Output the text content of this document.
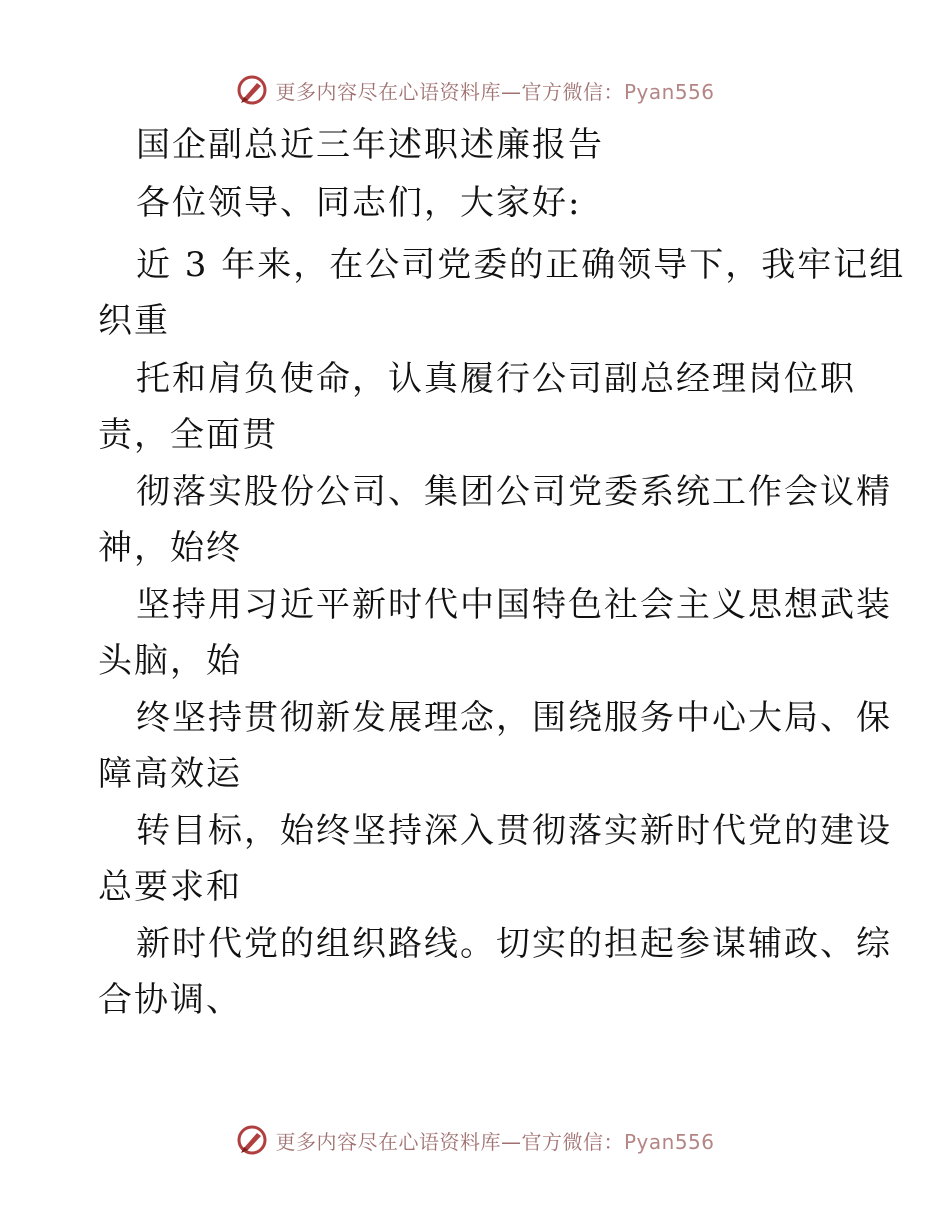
更多内容尽在心语资料库—官方微信：Pyan556
国企副总近三年述职述廉报告
各位领导、同志们，大家好:
近 3 年来，在公司党委的正确领导下，我牢记组
织重
托和肩负使命，认真履行公司副总经理岗位职
责，全面贯
彻落实股份公司、集团公司党委系统工作会议精
神，始终
坚持用习近平新时代中国特色社会主义思想武装
头脑，始
终坚持贯彻新发展理念，围绕服务中心大局、保
障高效运
转目标，始终坚持深入贯彻落实新时代党的建设
总要求和
新时代党的组织路线。切实的担起参谋辅政、综
合协调、
更多内容尽在心语资料库—官方微信：Pyan556
